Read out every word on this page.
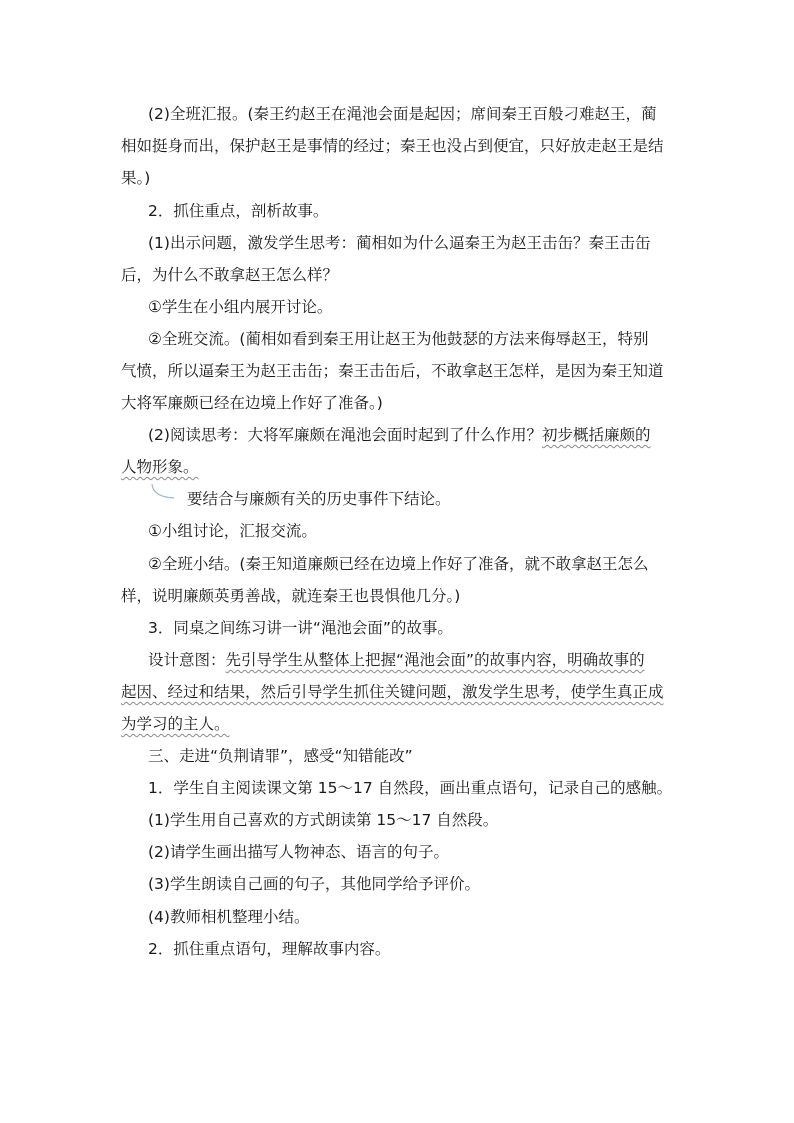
(2)全班汇报。(秦王约赵王在渑池会面是起因；席间秦王百般刁难赵王，蔺
相如挺身而出，保护赵王是事情的经过；秦王也没占到便宜，只好放走赵王是结
果。)
2．抓住重点，剖析故事。
(1)出示问题，激发学生思考：蔺相如为什么逼秦王为赵王击缶？秦王击缶
后，为什么不敢拿赵王怎么样？
①学生在小组内展开讨论。
②全班交流。(蔺相如看到秦王用让赵王为他鼓瑟的方法来侮辱赵王，特别
气愤，所以逼秦王为赵王击缶；秦王击缶后，不敢拿赵王怎样，是因为秦王知道
大将军廉颇已经在边境上作好了准备。)
(2)阅读思考：大将军廉颇在渑池会面时起到了什么作用？初步概括廉颇的
人物形象。
要结合与廉颇有关的历史事件下结论。
①小组讨论，汇报交流。
②全班小结。(秦王知道廉颇已经在边境上作好了准备，就不敢拿赵王怎么
样，说明廉颇英勇善战，就连秦王也畏惧他几分。)
3．同桌之间练习讲一讲“渑池会面”的故事。
设计意图：先引导学生从整体上把握“渑池会面”的故事内容，明确故事的
起因、经过和结果，然后引导学生抓住关键问题，激发学生思考，使学生真正成
为学习的主人。
三、走进“负荆请罪”，感受“知错能改”
1．学生自主阅读课文第 15～17 自然段，画出重点语句，记录自己的感触。
(1)学生用自己喜欢的方式朗读第 15～17 自然段。
(2)请学生画出描写人物神态、语言的句子。
(3)学生朗读自己画的句子，其他同学给予评价。
(4)教师相机整理小结。
2．抓住重点语句，理解故事内容。
